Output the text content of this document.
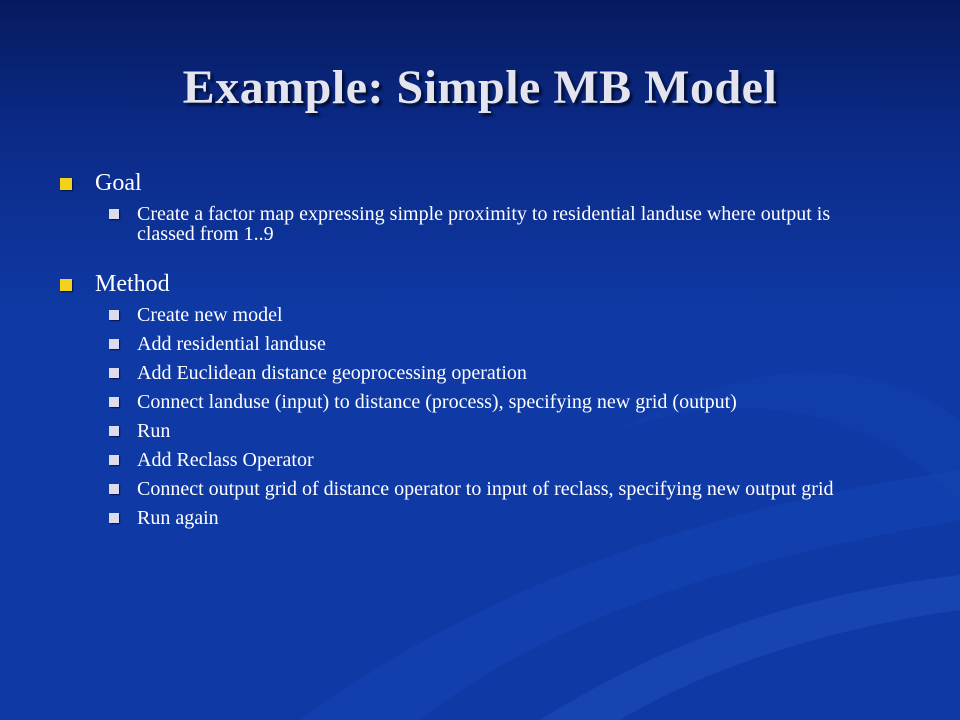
Example: Simple MB Model
Goal
Create a factor map expressing simple proximity to residential landuse where output is classed from 1..9
Method
Create new model
Add residential landuse
Add Euclidean distance geoprocessing operation
Connect landuse (input) to distance (process), specifying new grid (output)
Run
Add Reclass Operator
Connect output grid of distance operator to input of reclass, specifying new output grid
Run again
